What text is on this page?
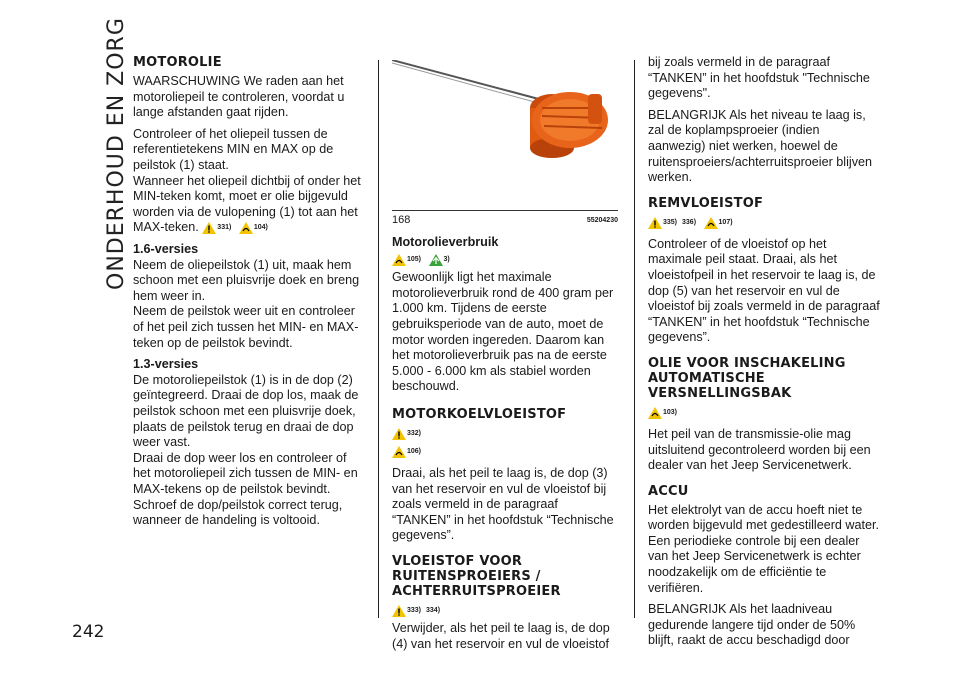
ONDERHOUD EN ZORG
242
MOTOROLIE

WAARSCHUWING We raden aan het motoroliepeil te controleren, voordat u lange afstanden gaat rijden.

Controleer of het oliepeil tussen de referentietekens MIN en MAX op de peilstok (1) staat.

Wanneer het oliepeil dichtbij of onder het MIN-teken komt, moet er olie bijgevuld worden via de vulopening (1) tot aan het MAX-teken.	331)	104)

1.6-versies

Neem de oliepeilstok (1) uit, maak hem schoon met een pluisvrije doek en breng hem weer in.

Neem de peilstok weer uit en controleer of het peil zich tussen het MIN- en MAX-teken op de peilstok bevindt.

1.3-versies

De motoroliepeilstok (1) is in de dop (2) geïntegreerd. Draai de dop los, maak de peilstok schoon met een pluisvrije doek, plaats de peilstok terug en draai de dop weer vast.

Draai de dop weer los en controleer of het motoroliepeil zich tussen de MIN- en MAX-tekens op de peilstok bevindt.

Schroef de dop/peilstok correct terug, wanneer de handeling is voltooid.

168	55204230
Motorolieverbruik
105)	3)

Gewoonlijk ligt het maximale motorolieverbruik rond de 400 gram per 1.000 km. Tijdens de eerste gebruiksperiode van de auto, moet de motor worden ingereden. Daarom kan het motorolieverbruik pas na de eerste 5.000 - 6.000 km als stabiel worden beschouwd.

MOTORKOELVLOEISTOF
332)
106)

Draai, als het peil te laag is, de dop (3) van het reservoir en vul de vloeistof bij zoals vermeld in de paragraaf “TANKEN” in het hoofdstuk “Technische gegevens”.

VLOEISTOF VOOR RUITENSPROEIERS / ACHTERRUITSPROEIER
333) 334)

Verwijder, als het peil te laag is, de dop (4) van het reservoir en vul de vloeistof

bij zoals vermeld in de paragraaf “TANKEN” in het hoofdstuk "Technische gegevens".

BELANGRIJK Als het niveau te laag is, zal de koplampsproeier (indien aanwezig) niet werken, hoewel de ruitensproeiers/achterruitsproeier blijven werken.

REMVLOEISTOF
335) 336)	107)

Controleer of de vloeistof op het maximale peil staat. Draai, als het vloeistofpeil in het reservoir te laag is, de dop (5) van het reservoir en vul de vloeistof bij zoals vermeld in de paragraaf “TANKEN” in het hoofdstuk “Technische gegevens”.

OLIE VOOR INSCHAKELING AUTOMATISCHE VERSNELLINGSBAK
103)

Het peil van de transmissie-olie mag uitsluitend gecontroleerd worden bij een dealer van het Jeep Servicenetwerk.

ACCU

Het elektrolyt van de accu hoeft niet te worden bijgevuld met gedestilleerd water. Een periodieke controle bij een dealer van het Jeep Servicenetwerk is echter noodzakelijk om de efficiëntie te verifiëren.

BELANGRIJK Als het laadniveau gedurende langere tijd onder de 50% blijft, raakt de accu beschadigd door
